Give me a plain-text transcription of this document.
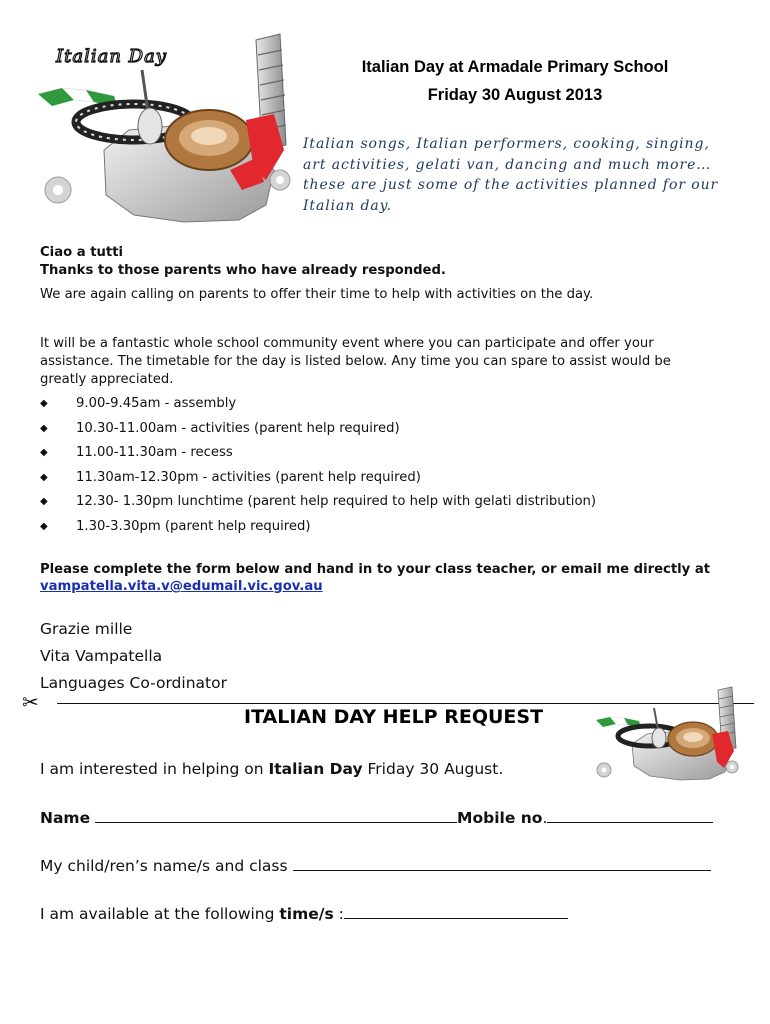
Italian Day	Italian Day at Armadale Primary School
Friday 30 August 2013
Italian songs, Italian performers, cooking, singing, art activities, gelati van, dancing and much more… these are just some of the activities planned for our Italian day.
Ciao a tutti
Thanks to those parents who have already responded.
We are again calling on parents to offer their time to help with activities on the day.
It will be a fantastic whole school community event where you can participate and offer your assistance. The timetable for the day is listed below. Any time you can spare to assist would be greatly appreciated.
◆ 9.00-9.45am - assembly
◆ 10.30-11.00am - activities (parent help required)
◆ 11.00-11.30am - recess
◆ 11.30am-12.30pm - activities (parent help required)
◆ 12.30- 1.30pm lunchtime (parent help required to help with gelati distribution)
◆ 1.30-3.30pm (parent help required)
Please complete the form below and hand in to your class teacher, or email me directly at
vampatella.vita.v@edumail.vic.gov.au
Grazie mille
Vita Vampatella
Languages Co-ordinator
✂
ITALIAN DAY HELP REQUEST
I am interested in helping on Italian Day Friday 30 August.
Name	Mobile no.
My child/ren’s name/s and class
I am available at the following time/s :
